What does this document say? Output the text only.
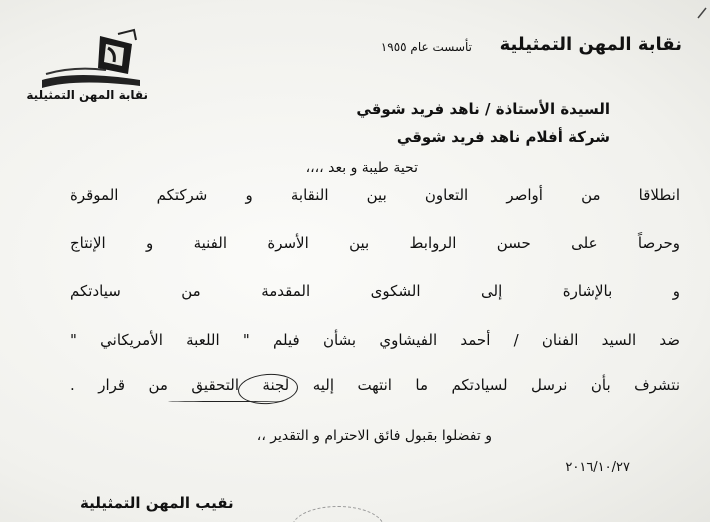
نقابة المهن التمثيلية
نقابة المهن التمثيلية
تأسست عام ١٩٥٥
السيدة الأستاذة / ناهد فريد شوقي
شركة أفلام ناهد فريد شوقي
تحية طيبة و بعد ،،،،
انطلاقا من أواصر التعاون بين النقابة و شركتكم الموقرة
وحرصاً على حسن الروابط بين الأسرة الفنية و الإنتاج
و بالإشارة إلى الشكوى المقدمة من سيادتكم
ضد السيد الفنان / أحمد الفيشاوي بشأن فيلم " اللعبة الأمريكاني "
نتشرف بأن نرسل لسيادتكم ما انتهت إليه لجنة التحقيق من قرار .
و تفضلوا بقبول فائق الاحترام و التقدير ،،
٢٠١٦/١٠/٢٧
نقيب المهن التمثيلية
